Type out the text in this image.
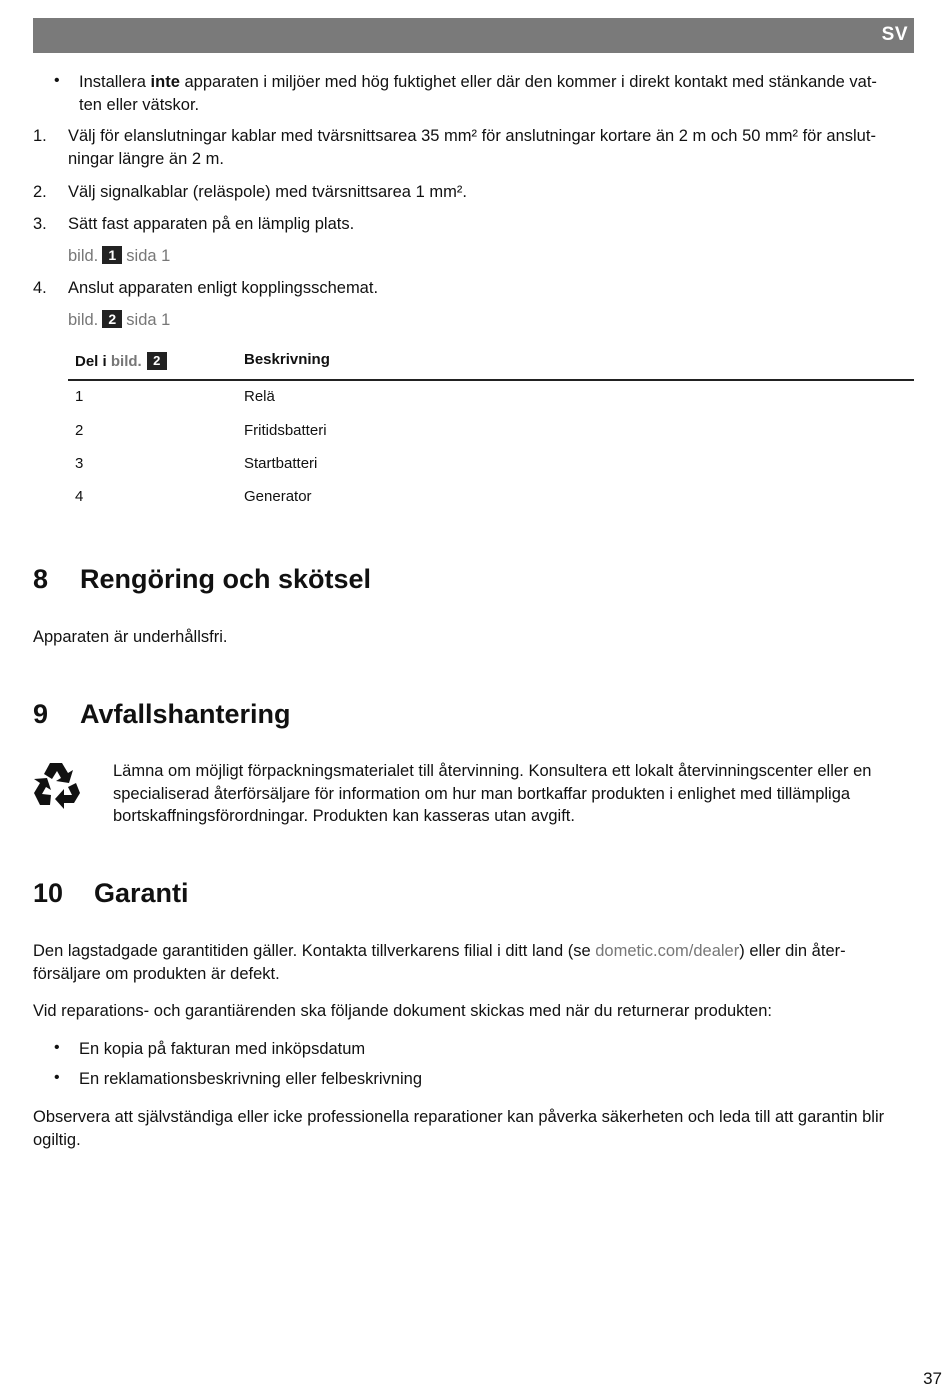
SV
• Installera inte apparaten i miljöer med hög fuktighet eller där den kommer i direkt kontakt med stänkande vat-
ten eller vätskor.
1. Välj för elanslutningar kablar med tvärsnittsarea 35 mm² för anslutningar kortare än 2 m och 50 mm² för anslut-
ningar längre än 2 m.
2. Välj signalkablar (reläspole) med tvärsnittsarea 1 mm².
3. Sätt fast apparaten på en lämplig plats.
bild. 1 sida 1
4. Anslut apparaten enligt kopplingsschemat.
bild. 2 sida 1
Del i bild. 2	Beskrivning
1	Relä
2	Fritidsbatteri
3	Startbatteri
4	Generator
8 Rengöring och skötsel
Apparaten är underhållsfri.
9 Avfallshantering
Lämna om möjligt förpackningsmaterialet till återvinning. Konsultera ett lokalt återvinningscenter eller en
specialiserad återförsäljare för information om hur man bortkaffar produkten i enlighet med tillämpliga
bortskaffningsförordningar. Produkten kan kasseras utan avgift.
10 Garanti
Den lagstadgade garantitiden gäller. Kontakta tillverkarens filial i ditt land (se dometic.com/dealer) eller din åter-
försäljare om produkten är defekt.
Vid reparations- och garantiärenden ska följande dokument skickas med när du returnerar produkten:
• En kopia på fakturan med inköpsdatum
• En reklamationsbeskrivning eller felbeskrivning
Observera att självständiga eller icke professionella reparationer kan påverka säkerheten och leda till att garantin blir
ogiltig.
37
